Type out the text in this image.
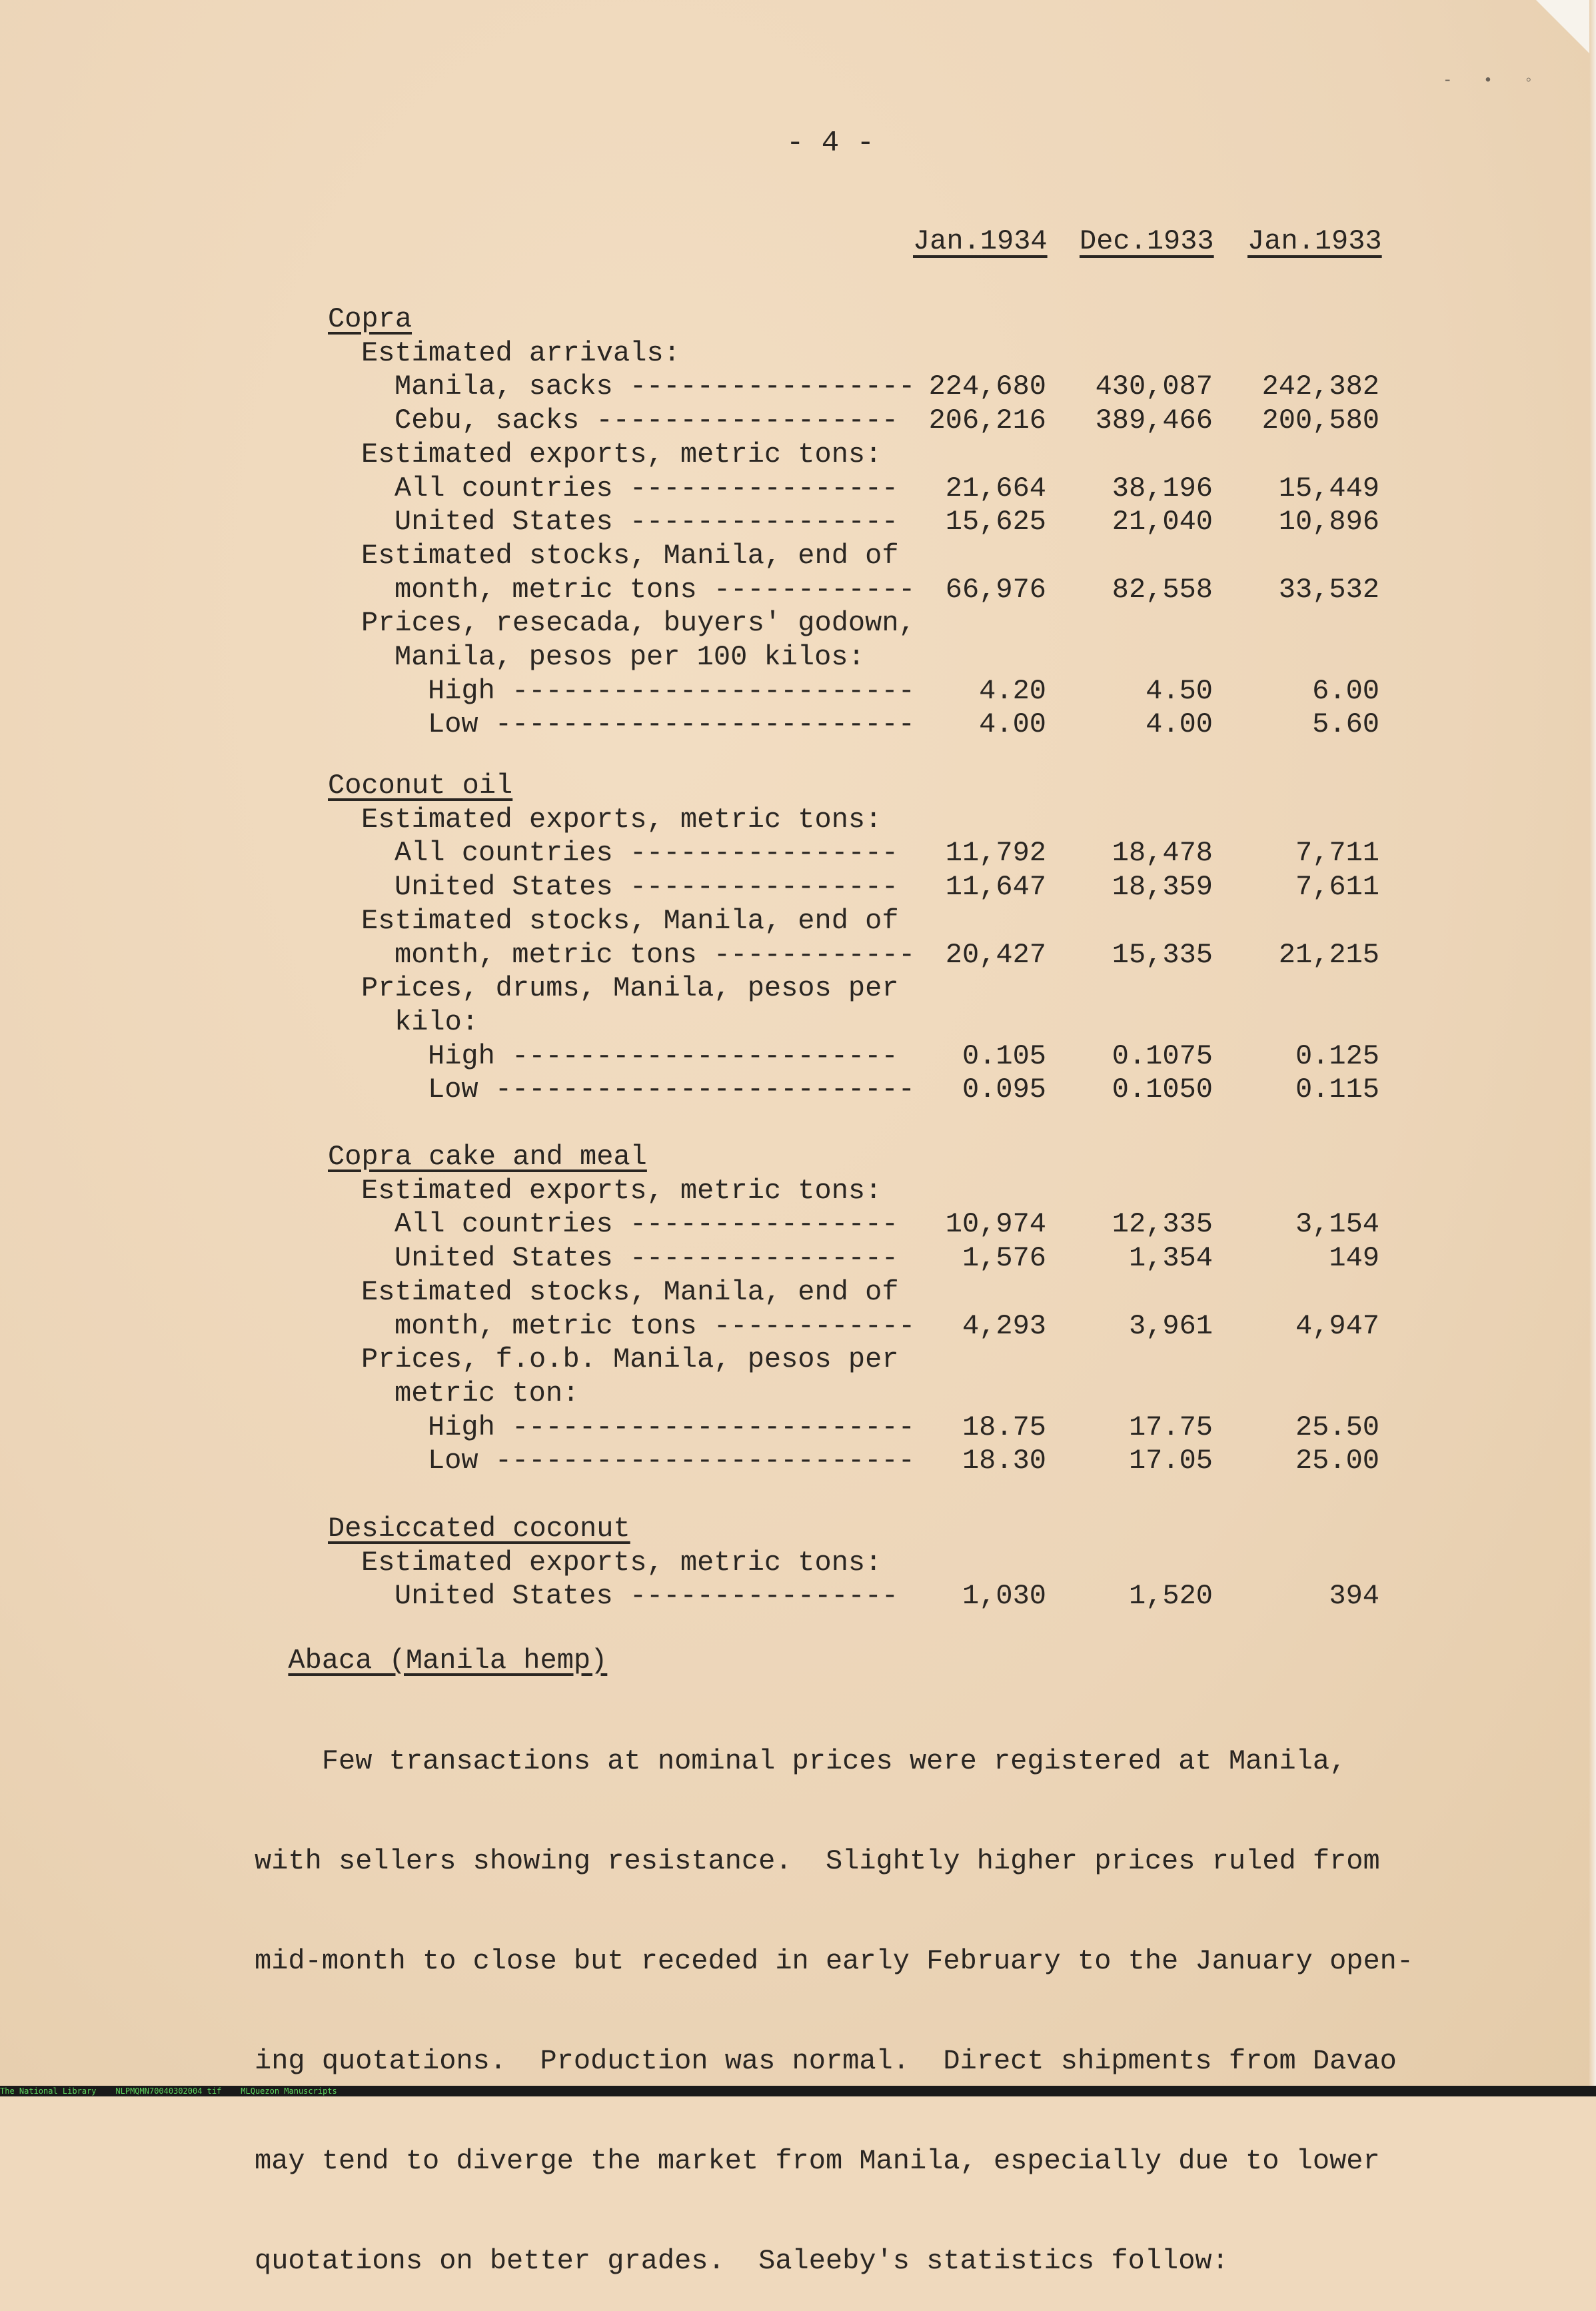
- • ◦
- 4 -
Jan.1934 Dec.1933 Jan.1933
Copra
Estimated arrivals:
Manila, sacks ----------------- 224,680	430,087	242,382
Cebu, sacks ------------------	206,216	389,466	200,580
Estimated exports, metric tons:
All countries ----------------	21,664	38,196	15,449
United States ----------------	15,625	21,040	10,896
Estimated stocks, Manila, end of
month, metric tons ------------	66,976	82,558	33,532
Prices, resecada, buyers' godown,
Manila, pesos per 100 kilos:
High ------------------------	4.20	4.50	6.00
Low -------------------------	4.00	4.00	5.60
Coconut oil
Estimated exports, metric tons:
All countries ----------------	11,792	18,478	7,711
United States ----------------	11,647	18,359	7,611
Estimated stocks, Manila, end of
month, metric tons ------------	20,427	15,335	21,215
Prices, drums, Manila, pesos per
kilo:
High -----------------------	0.105	0.1075	0.125
Low -------------------------	0.095	0.1050	0.115
Copra cake and meal
Estimated exports, metric tons:
All countries ----------------	10,974	12,335	3,154
United States ----------------	1,576	1,354	149
Estimated stocks, Manila, end of
month, metric tons ------------	4,293	3,961	4,947
Prices, f.o.b. Manila, pesos per
metric ton:
High ------------------------	18.75	17.75	25.50
Low -------------------------	18.30	17.05	25.00
Desiccated coconut
Estimated exports, metric tons:
United States ----------------	1,030	1,520	394

Abaca (Manila hemp)

Few transactions at nominal prices were registered at Manila,

with sellers showing resistance.  Slightly higher prices ruled from

mid-month to close but receded in early February to the January open-

ing quotations.  Production was normal.  Direct shipments from Davao

may tend to diverge the market from Manila, especially due to lower

quotations on better grades.  Saleeby's statistics follow:

The National Library NLPMQMN70040302004 tif MLQuezon Manuscripts
